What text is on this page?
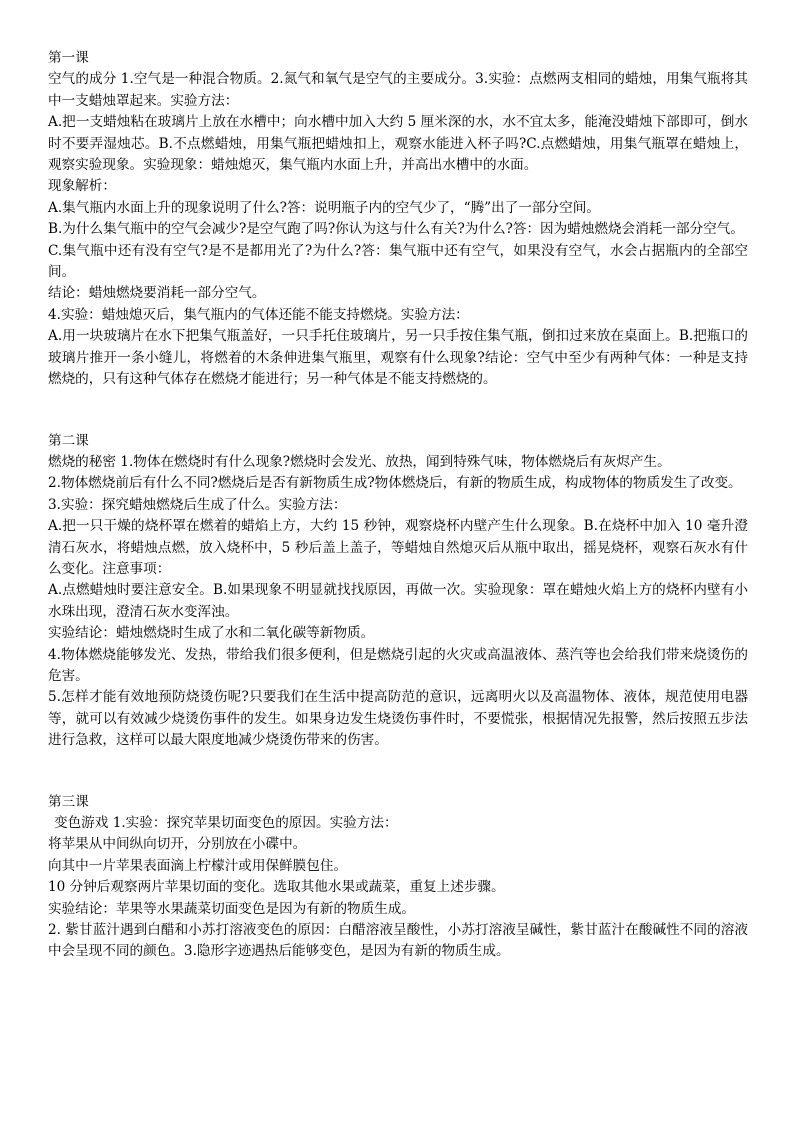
第一课

空气的成分 1.空气是一种混合物质。2.氮气和氧气是空气的主要成分。3.实验：点燃两支相同的蜡烛，用集气瓶将其中一支蜡烛罩起来。实验方法：

A.把一支蜡烛粘在玻璃片上放在水槽中；向水槽中加入大约 5 厘米深的水，水不宜太多，能淹没蜡烛下部即可，倒水时不要弄湿烛芯。B.不点燃蜡烛，用集气瓶把蜡烛扣上，观察水能进入杯子吗?C.点燃蜡烛，用集气瓶罩在蜡烛上，观察实验现象。实验现象：蜡烛熄灭，集气瓶内水面上升，并高出水槽中的水面。

现象解析：

A.集气瓶内水面上升的现象说明了什么?答：说明瓶子内的空气少了，“腾”出了一部分空间。

B.为什么集气瓶中的空气会减少?是空气跑了吗?你认为这与什么有关?为什么?答：因为蜡烛燃烧会消耗一部分空气。

C.集气瓶中还有没有空气?是不是都用光了?为什么?答：集气瓶中还有空气，如果没有空气，水会占据瓶内的全部空间。

结论：蜡烛燃烧要消耗一部分空气。

4.实验：蜡烛熄灭后，集气瓶内的气体还能不能支持燃烧。实验方法：

A.用一块玻璃片在水下把集气瓶盖好，一只手托住玻璃片，另一只手按住集气瓶，倒扣过来放在桌面上。B.把瓶口的玻璃片推开一条小缝儿，将燃着的木条伸进集气瓶里，观察有什么现象?结论：空气中至少有两种气体：一种是支持燃烧的，只有这种气体存在燃烧才能进行；另一种气体是不能支持燃烧的。

第二课

燃烧的秘密 1.物体在燃烧时有什么现象?燃烧时会发光、放热，闻到特殊气味，物体燃烧后有灰烬产生。

2.物体燃烧前后有什么不同?燃烧后是否有新物质生成?物体燃烧后，有新的物质生成，构成物体的物质发生了改变。

3.实验：探究蜡烛燃烧后生成了什么。实验方法：

A.把一只干燥的烧杯罩在燃着的蜡焰上方，大约 15 秒钟，观察烧杯内壁产生什么现象。B.在烧杯中加入 10 毫升澄清石灰水，将蜡烛点燃，放入烧杯中，5 秒后盖上盖子，等蜡烛自然熄灭后从瓶中取出，摇晃烧杯，观察石灰水有什么变化。注意事项：

A.点燃蜡烛时要注意安全。B.如果现象不明显就找找原因，再做一次。实验现象：罩在蜡烛火焰上方的烧杯内壁有小水珠出现，澄清石灰水变浑浊。

实验结论：蜡烛燃烧时生成了水和二氧化碳等新物质。

4.物体燃烧能够发光、发热，带给我们很多便利，但是燃烧引起的火灾或高温液体、蒸汽等也会给我们带来烧烫伤的危害。

5.怎样才能有效地预防烧烫伤呢?只要我们在生活中提高防范的意识，远离明火以及高温物体、液体，规范使用电器等，就可以有效减少烧烫伤事件的发生。如果身边发生烧烫伤事件时，不要慌张，根据情况先报警，然后按照五步法进行急救，这样可以最大限度地减少烧烫伤带来的伤害。

第三课

变色游戏 1.实验：探究苹果切面变色的原因。实验方法：

将苹果从中间纵向切开，分别放在小碟中。

向其中一片苹果表面滴上柠檬汁或用保鲜膜包住。

10 分钟后观察两片苹果切面的变化。选取其他水果或蔬菜，重复上述步骤。

实验结论：苹果等水果蔬菜切面变色是因为有新的物质生成。

2. 紫甘蓝汁遇到白醋和小苏打溶液变色的原因：白醋溶液呈酸性，小苏打溶液呈碱性，紫甘蓝汁在酸碱性不同的溶液中会呈现不同的颜色。3.隐形字迹遇热后能够变色，是因为有新的物质生成。
